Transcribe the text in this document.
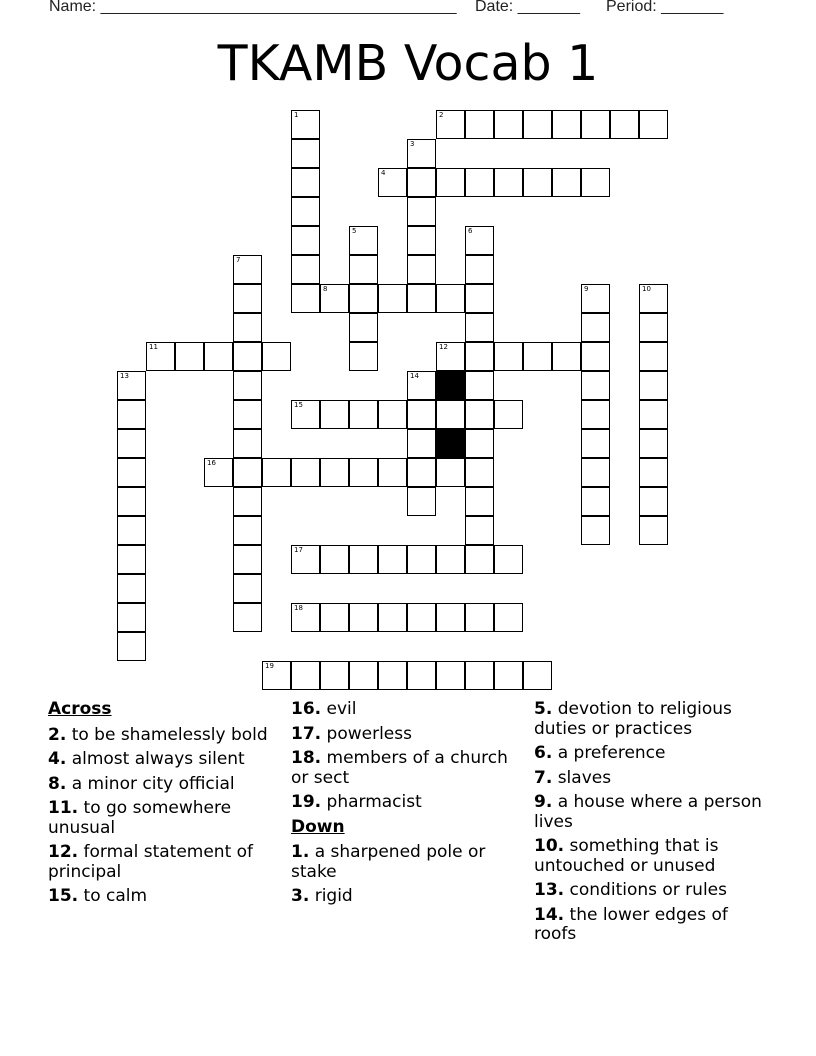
Name: ________________________________________ Date: _______ Period: _______
TKAMB Vocab 1
2
4
8
11	12
15
16
17
18
19
1
3
5	6
7
9	10
13	14
Across
2. to be shamelessly bold
4. almost always silent
8. a minor city official
11. to go somewhere unusual
12. formal statement of principal
15. to calm
16. evil
17. powerless
18. members of a church or sect
19. pharmacist
Down
1. a sharpened pole or stake
3. rigid
5. devotion to religious duties or practices
6. a preference
7. slaves
9. a house where a person lives
10. something that is untouched or unused
13. conditions or rules
14. the lower edges of roofs
